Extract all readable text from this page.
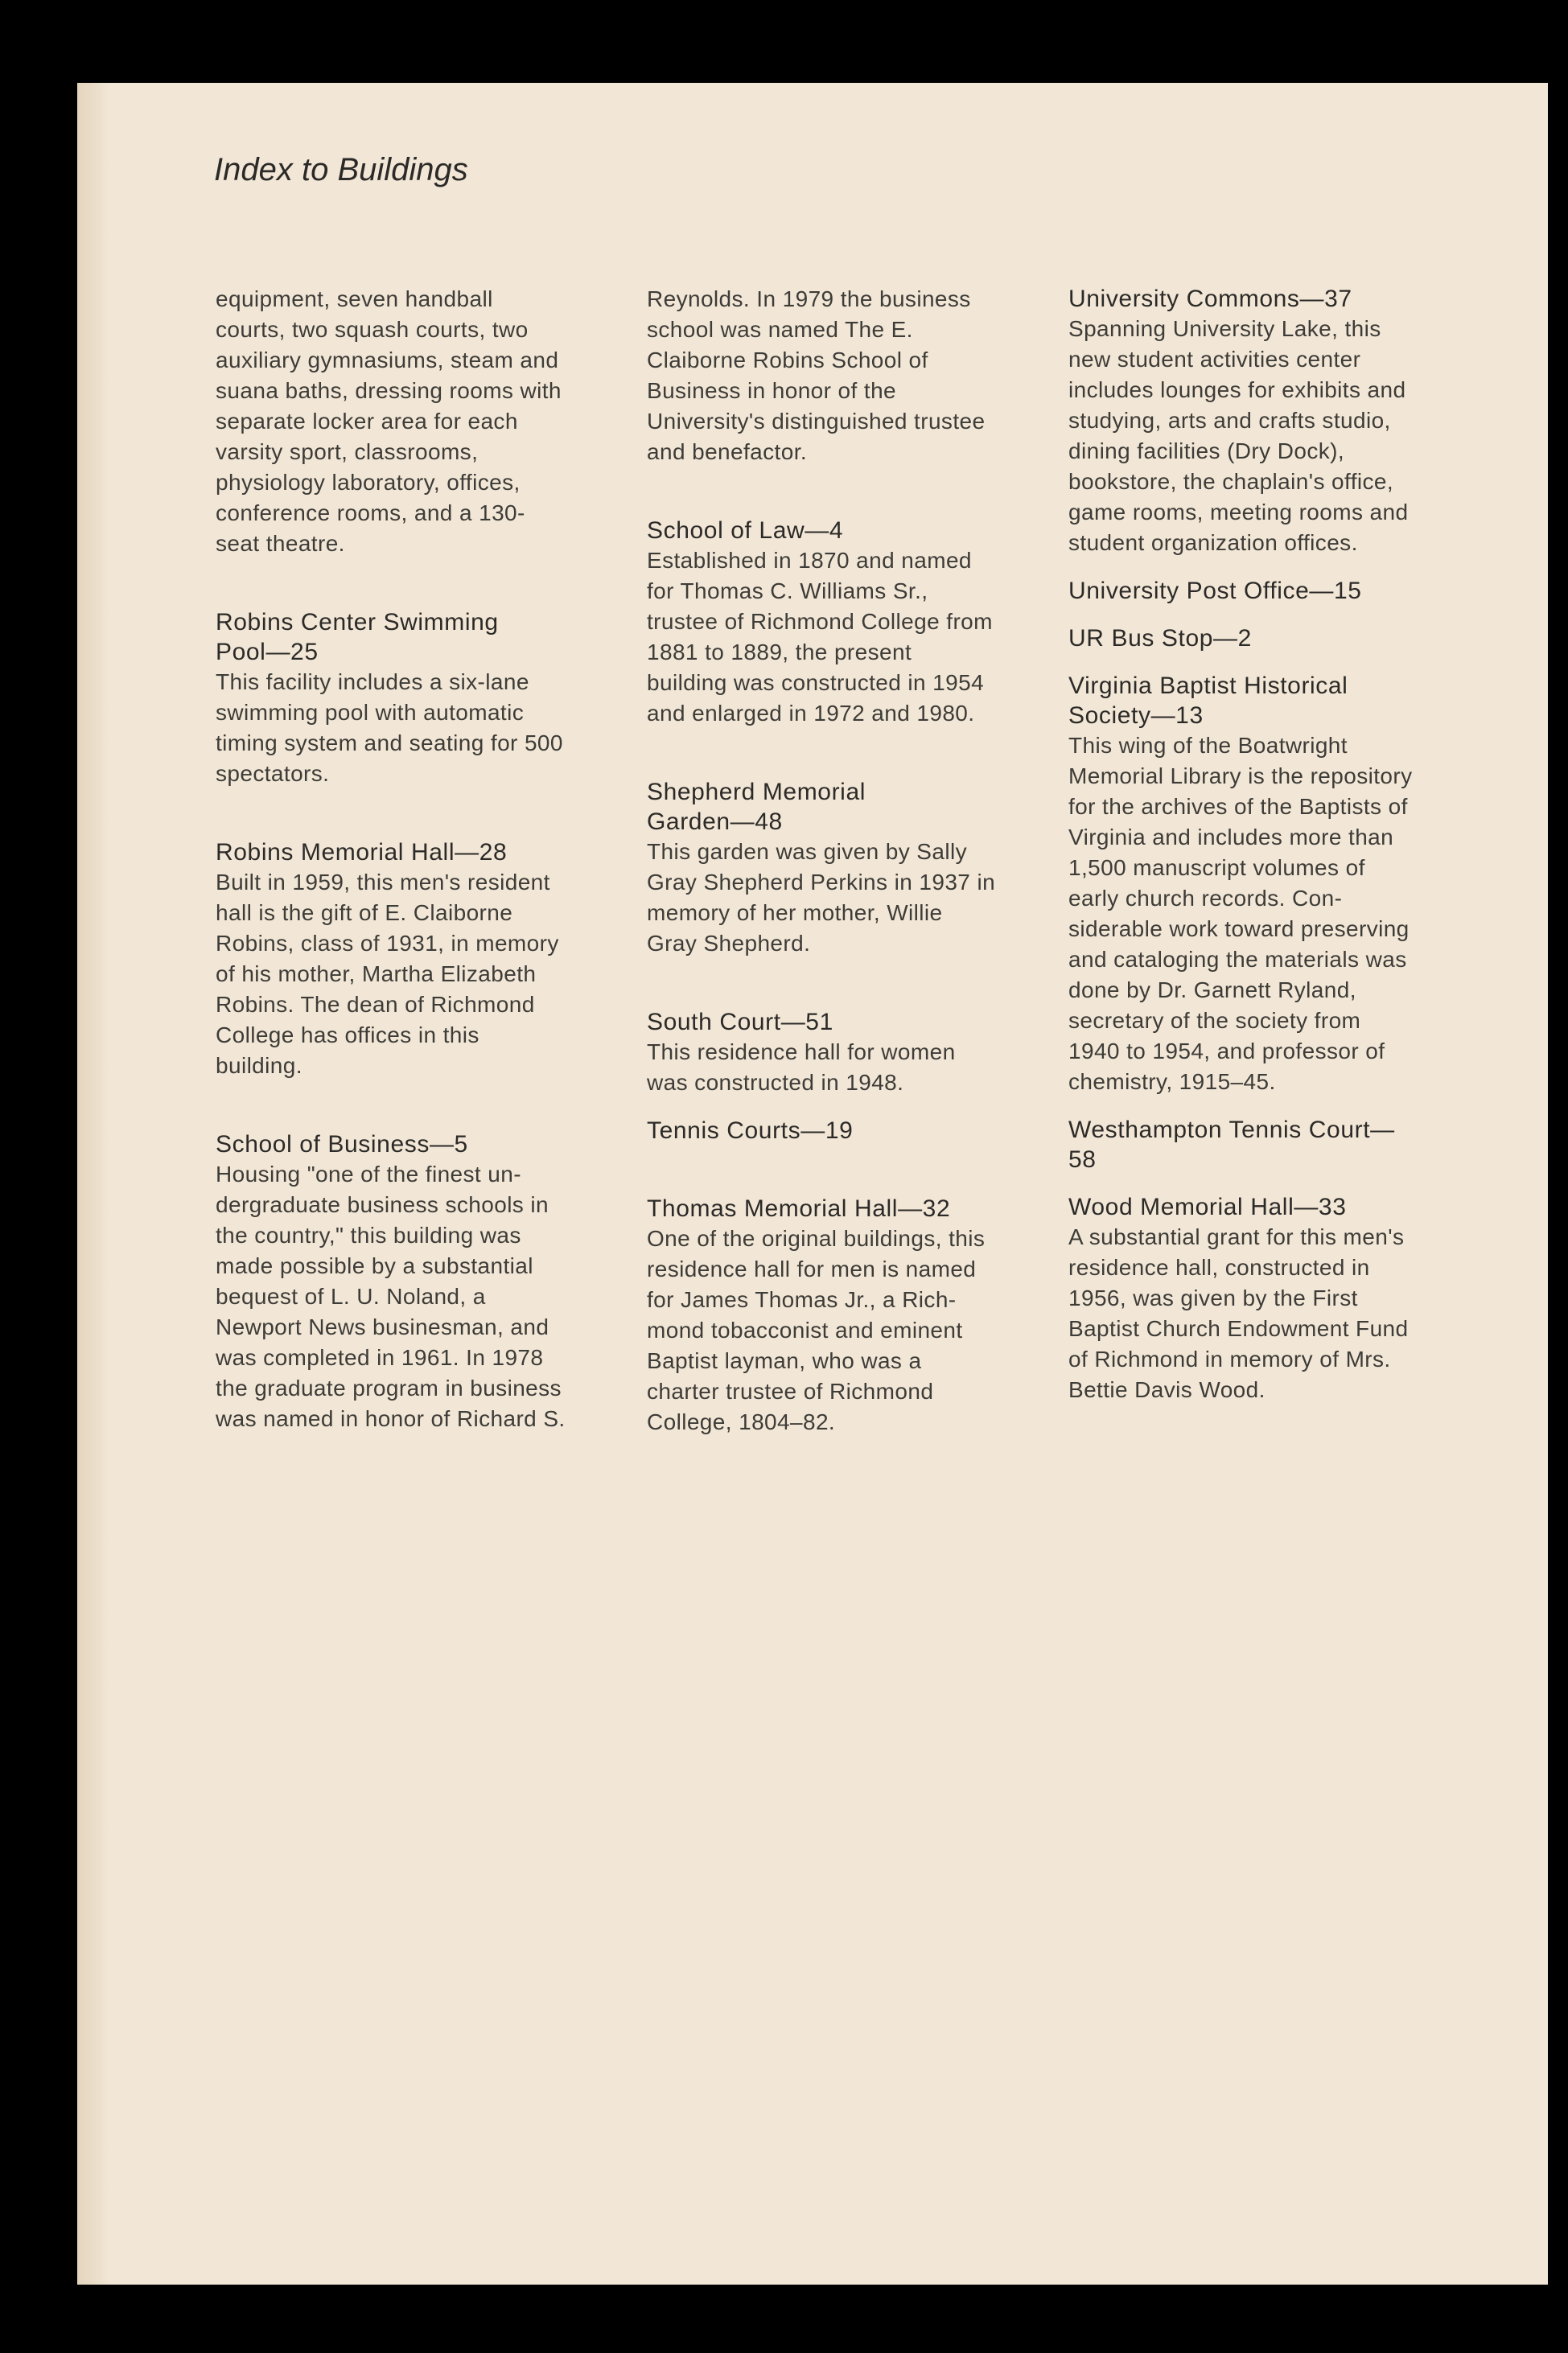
Index to Buildings
equipment, seven handball
courts, two squash courts, two
auxiliary gymnasiums, steam and
suana baths, dressing rooms with
separate locker area for each
varsity sport, classrooms,
physiology laboratory, offices,
conference rooms, and a 130-
seat theatre.
Robins Center Swimming
Pool—25
This facility includes a six-lane
swimming pool with automatic
timing system and seating for 500
spectators.
Robins Memorial Hall—28
Built in 1959, this men's resident
hall is the gift of E. Claiborne
Robins, class of 1931, in memory
of his mother, Martha Elizabeth
Robins. The dean of Richmond
College has offices in this
building.
School of Business—5
Housing "one of the finest un-
dergraduate business schools in
the country," this building was
made possible by a substantial
bequest of L. U. Noland, a
Newport News businesman, and
was completed in 1961. In 1978
the graduate program in business
was named in honor of Richard S.
Reynolds. In 1979 the business
school was named The E.
Claiborne Robins School of
Business in honor of the
University's distinguished trustee
and benefactor.
School of Law—4
Established in 1870 and named
for Thomas C. Williams Sr.,
trustee of Richmond College from
1881 to 1889, the present
building was constructed in 1954
and enlarged in 1972 and 1980.
Shepherd Memorial
Garden—48
This garden was given by Sally
Gray Shepherd Perkins in 1937 in
memory of her mother, Willie
Gray Shepherd.
South Court—51
This residence hall for women
was constructed in 1948.
Tennis Courts—19
Thomas Memorial Hall—32
One of the original buildings, this
residence hall for men is named
for James Thomas Jr., a Rich-
mond tobacconist and eminent
Baptist layman, who was a
charter trustee of Richmond
College, 1804–82.
University Commons—37
Spanning University Lake, this
new student activities center
includes lounges for exhibits and
studying, arts and crafts studio,
dining facilities (Dry Dock),
bookstore, the chaplain's office,
game rooms, meeting rooms and
student organization offices.
University Post Office—15
UR Bus Stop—2
Virginia Baptist Historical
Society—13
This wing of the Boatwright
Memorial Library is the repository
for the archives of the Baptists of
Virginia and includes more than
1,500 manuscript volumes of
early church records. Con-
siderable work toward preserving
and cataloging the materials was
done by Dr. Garnett Ryland,
secretary of the society from
1940 to 1954, and professor of
chemistry, 1915–45.
Westhampton Tennis Court—
58
Wood Memorial Hall—33
A substantial grant for this men's
residence hall, constructed in
1956, was given by the First
Baptist Church Endowment Fund
of Richmond in memory of Mrs.
Bettie Davis Wood.
